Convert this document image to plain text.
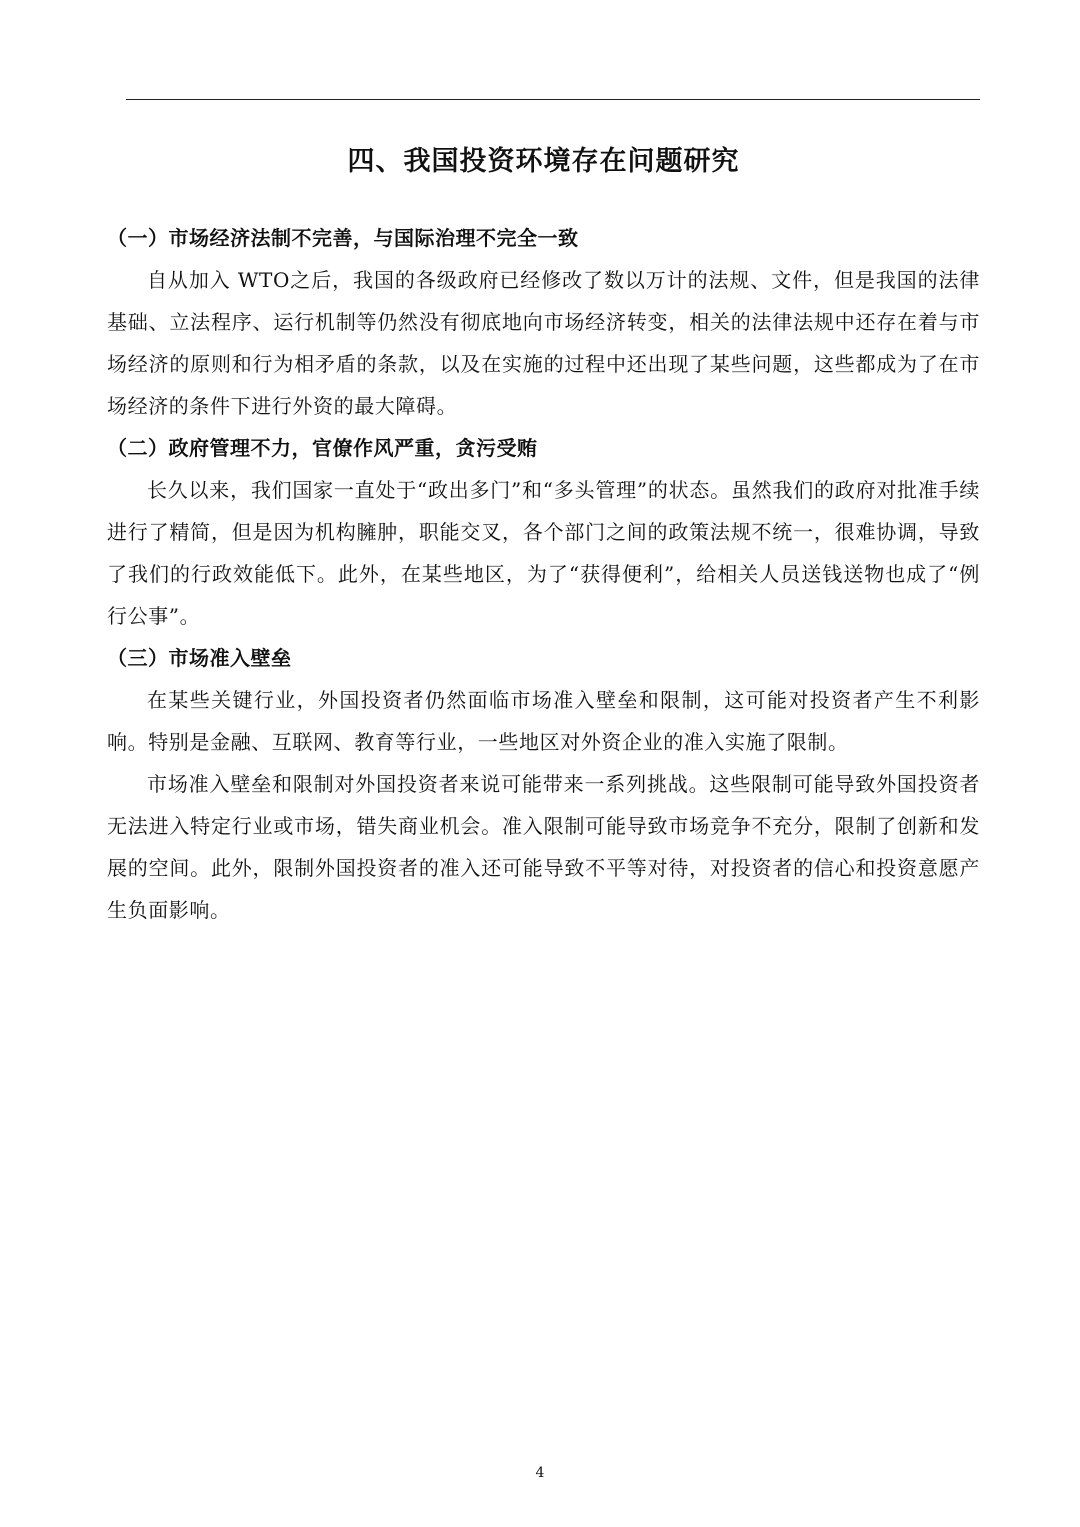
四、我国投资环境存在问题研究
（一）市场经济法制不完善，与国际治理不完全一致

自从加入 WTO之后，我国的各级政府已经修改了数以万计的法规、文件，但是我国的法律基础、立法程序、运行机制等仍然没有彻底地向市场经济转变，相关的法律法规中还存在着与市场经济的原则和行为相矛盾的条款，以及在实施的过程中还出现了某些问题，这些都成为了在市场经济的条件下进行外资的最大障碍。

（二）政府管理不力，官僚作风严重，贪污受贿

长久以来，我们国家一直处于“政出多门”和“多头管理”的状态。虽然我们的政府对批准手续进行了精简，但是因为机构臃肿，职能交叉，各个部门之间的政策法规不统一，很难协调，导致了我们的行政效能低下。此外，在某些地区，为了“获得便利”，给相关人员送钱送物也成了“例行公事”。

（三）市场准入壁垒

在某些关键行业，外国投资者仍然面临市场准入壁垒和限制，这可能对投资者产生不利影响。特别是金融、互联网、教育等行业，一些地区对外资企业的准入实施了限制。

市场准入壁垒和限制对外国投资者来说可能带来一系列挑战。这些限制可能导致外国投资者无法进入特定行业或市场，错失商业机会。准入限制可能导致市场竞争不充分，限制了创新和发展的空间。此外，限制外国投资者的准入还可能导致不平等对待，对投资者的信心和投资意愿产生负面影响。

4
